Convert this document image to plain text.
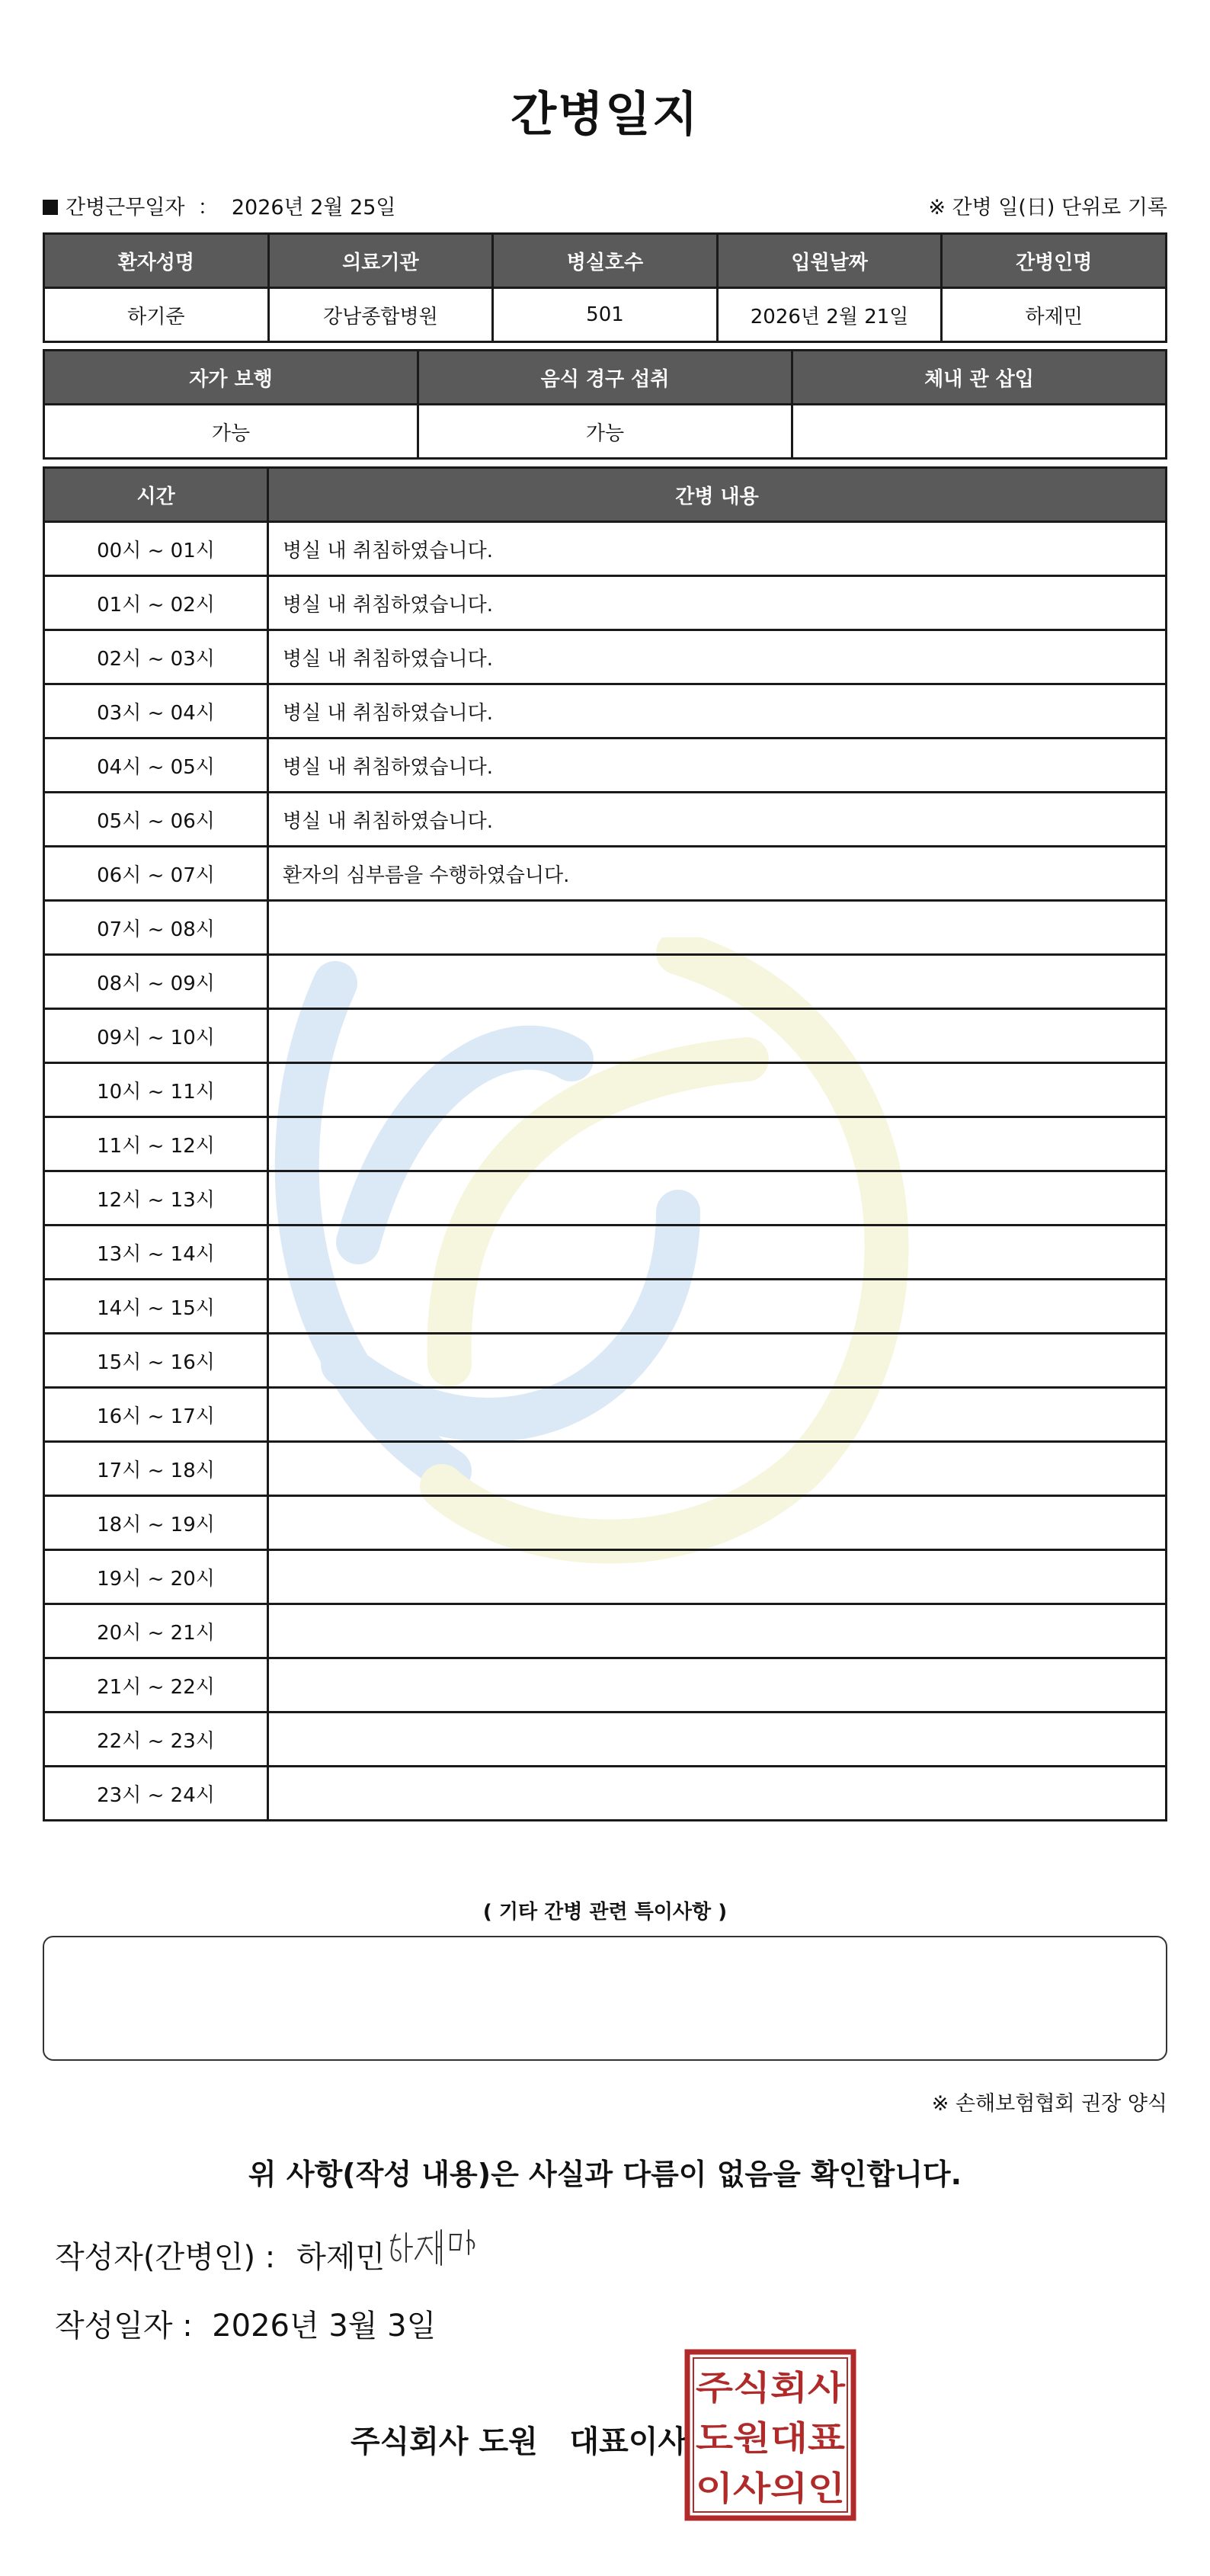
간병일지
간병근무일자 ： 2026년 2월 25일	※ 간병 일(日) 단위로 기록
환자성명	의료기관	병실호수	입원날짜	간병인명
하기준	강남종합병원	501	2026년 2월 21일	하제민
자가 보행	음식 경구 섭취	체내 관 삽입
가능	가능	
시간	간병 내용
00시 ~ 01시	병실 내 취침하였습니다.
01시 ~ 02시	병실 내 취침하였습니다.
02시 ~ 03시	병실 내 취침하였습니다.
03시 ~ 04시	병실 내 취침하였습니다.
04시 ~ 05시	병실 내 취침하였습니다.
05시 ~ 06시	병실 내 취침하였습니다.
06시 ~ 07시	환자의 심부름을 수행하였습니다.
07시 ~ 08시	
08시 ~ 09시	
09시 ~ 10시	
10시 ~ 11시	
11시 ~ 12시	
12시 ~ 13시	
13시 ~ 14시	
14시 ~ 15시	
15시 ~ 16시	
16시 ~ 17시	
17시 ~ 18시	
18시 ~ 19시	
19시 ~ 20시	
20시 ~ 21시	
21시 ~ 22시	
22시 ~ 23시	
23시 ~ 24시	
( 기타 간병 관련 특이사항 )
※ 손해보험협회 권장 양식
위 사항(작성 내용)은 사실과 다름이 없음을 확인합니다.
작성자(간병인) : 하제민
작성일자 : 2026년 3월 3일
주식회사 도원   대표이사
주식회사
도원대표
이사의인
